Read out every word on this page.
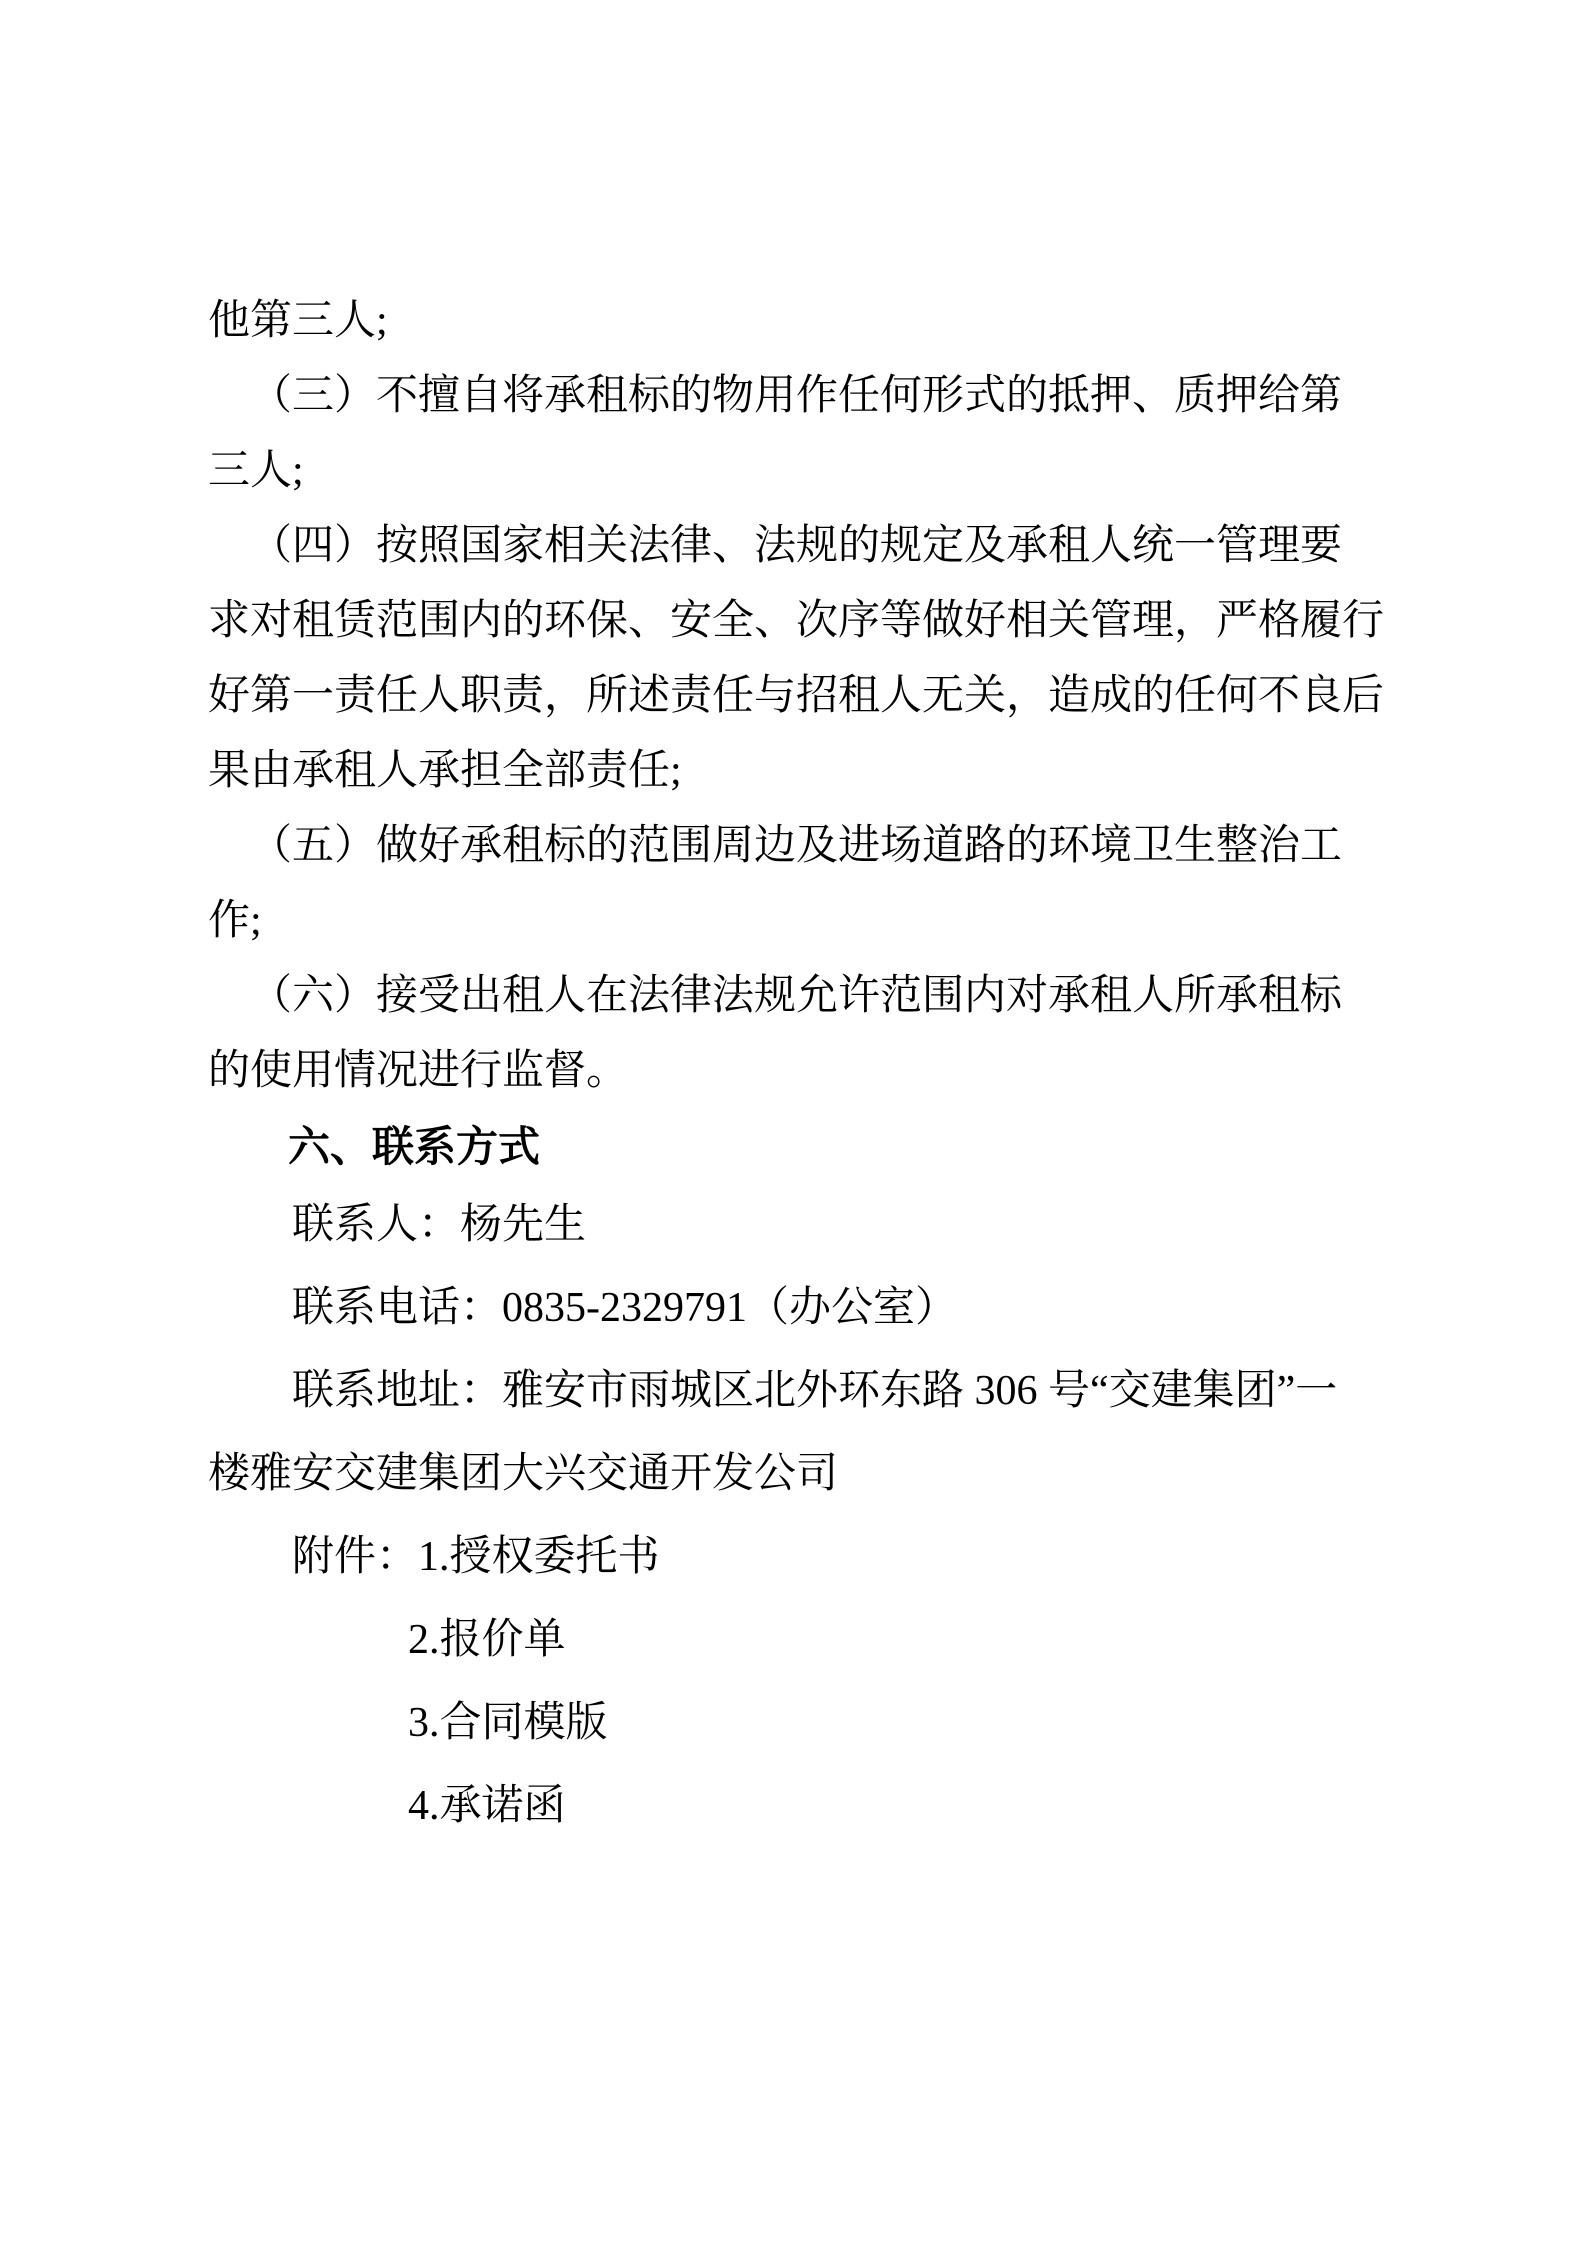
他第三人;
（三）不擅自将承租标的物用作任何形式的抵押、质押给第
三人;
（四）按照国家相关法律、法规的规定及承租人统一管理要
求对租赁范围内的环保、安全、次序等做好相关管理，严格履行
好第一责任人职责，所述责任与招租人无关，造成的任何不良后
果由承租人承担全部责任;
（五）做好承租标的范围周边及进场道路的环境卫生整治工
作;
（六）接受出租人在法律法规允许范围内对承租人所承租标
的使用情况进行监督。
六、联系方式
联系人：杨先生
联系电话：0835-2329791（办公室）
联系地址：雅安市雨城区北外环东路 306 号“交建集团”一
楼雅安交建集团大兴交通开发公司
附件：1.授权委托书
2.报价单
3.合同模版
4.承诺函
